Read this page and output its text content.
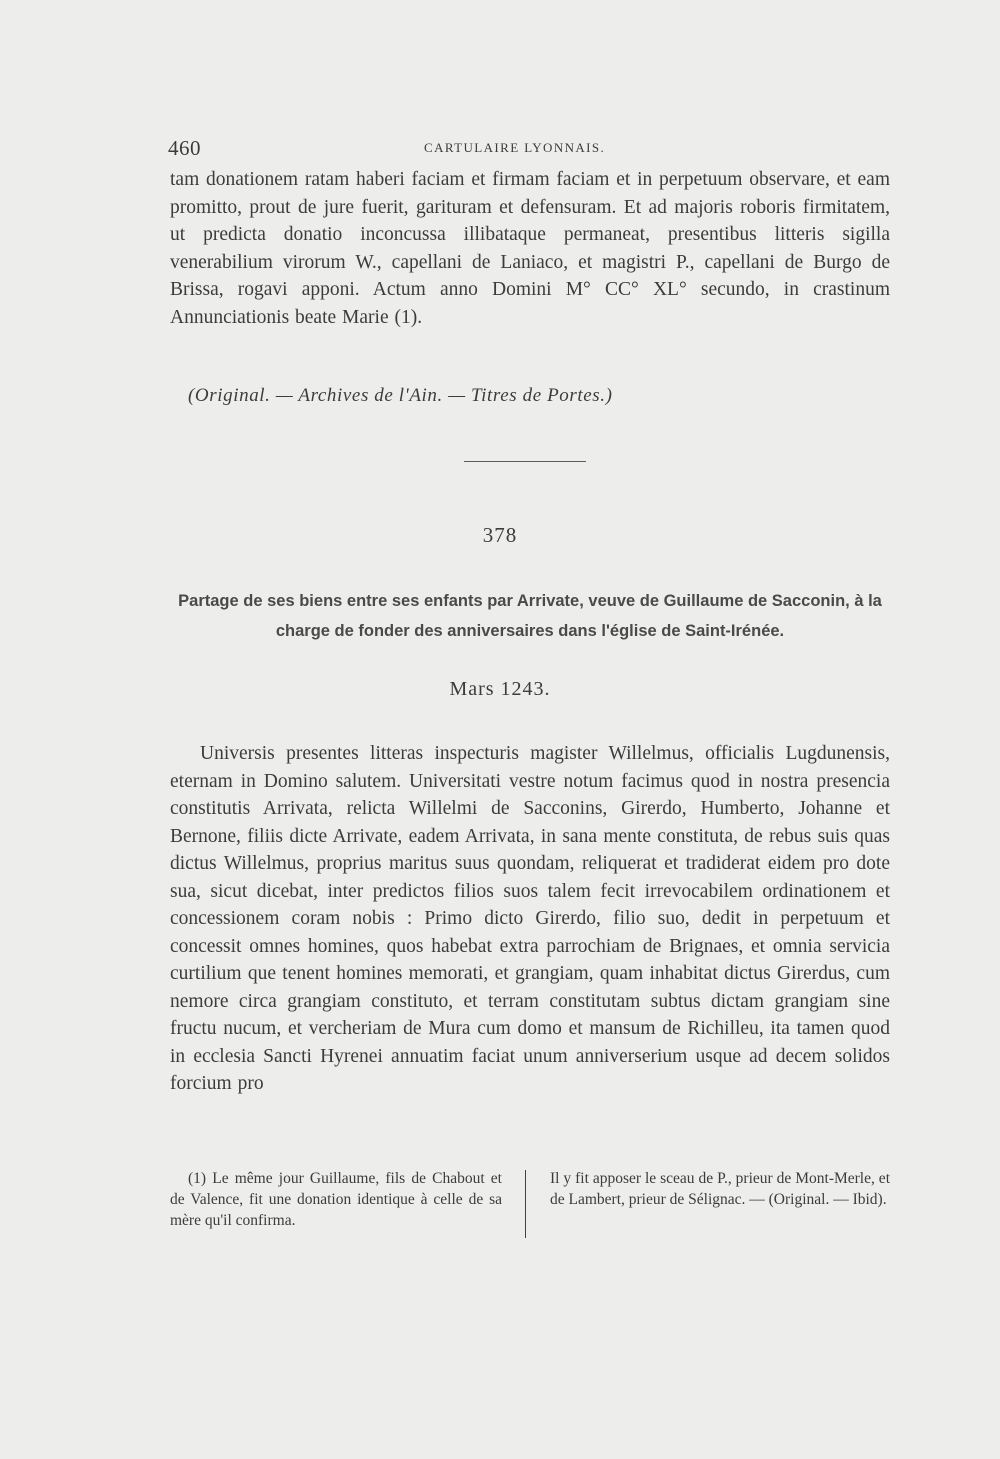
460	CARTULAIRE LYONNAIS.

tam donationem ratam haberi faciam et firmam faciam et in perpetuum observare, et eam promitto, prout de jure fuerit, garituram et defensuram. Et ad majoris roboris firmitatem, ut predicta donatio inconcussa illibataque permaneat, presentibus litteris sigilla venerabilium virorum W., capellani de Laniaco, et magistri P., capellani de Burgo de Brissa, rogavi apponi. Actum anno Domini M° CC° XL° secundo, in crastinum Annunciationis beate Marie (1).

(Original. — Archives de l'Ain. — Titres de Portes.)
378
Partage de ses biens entre ses enfants par Arrivate, veuve de Guillaume de Sacconin, à la charge de fonder des anniversaires dans l'église de Saint-Irénée.
Mars 1243.

Universis presentes litteras inspecturis magister Willelmus, officialis Lugdunensis, eternam in Domino salutem. Universitati vestre notum facimus quod in nostra presencia constitutis Arrivata, relicta Willelmi de Sacconins, Girerdo, Humberto, Johanne et Bernone, filiis dicte Arrivate, eadem Arrivata, in sana mente constituta, de rebus suis quas dictus Willelmus, proprius maritus suus quondam, reliquerat et tradiderat eidem pro dote sua, sicut dicebat, inter predictos filios suos talem fecit irrevocabilem ordinationem et concessionem coram nobis : Primo dicto Girerdo, filio suo, dedit in perpetuum et concessit omnes homines, quos habebat extra parrochiam de Brignaes, et omnia servicia curtilium que tenent homines memorati, et grangiam, quam inhabitat dictus Girerdus, cum nemore circa grangiam constituto, et terram constitutam subtus dictam grangiam sine fructu nucum, et vercheriam de Mura cum domo et mansum de Richilleu, ita tamen quod in ecclesia Sancti Hyrenei annuatim faciat unum anniverserium usque ad decem solidos forcium pro

(1) Le même jour Guillaume, fils de Chabout et de Valence, fit une donation identique à celle de sa mère qu'il confirma.
Il y fit apposer le sceau de P., prieur de Mont-Merle, et de Lambert, prieur de Sélignac. — (Original. — Ibid).
